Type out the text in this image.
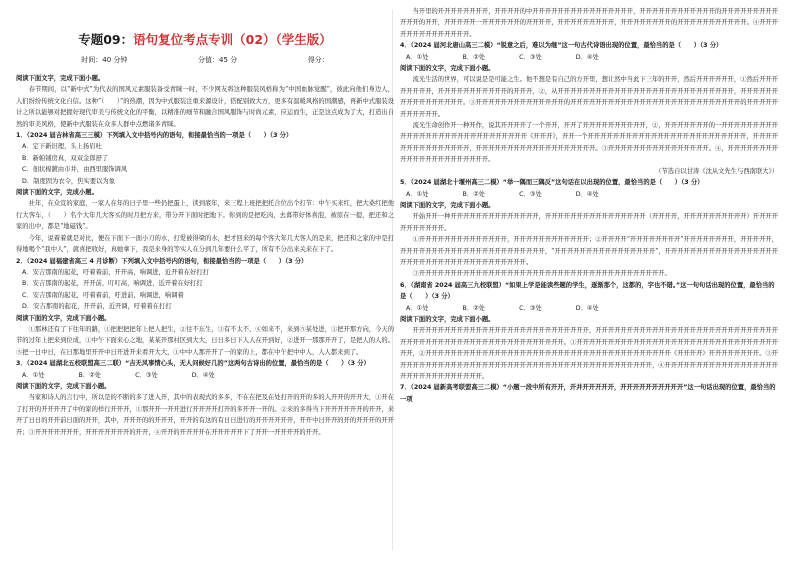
专题09：语句复位考点专训（02）（学生版）
时间：40 分钟	分值：45 分	得分：

阅读下面文字，完成下面小题。

春节期间，以“新中式”为代表的国风元素服装备受青睐一时，不少网友将这种服装风格称为“中国血脉觉醒”，彼此向他们身边人，人们纷纷传统文化自信。这种“（　　）”的热潮，因为中式服装注重来源设计，搭配别致大方，更多有温暖风格的国潮感，再新中式服装设计之所以能够对把握好现代审美与传统文化的平衡，以精准的细节和融合国风服饰与时尚元素，应运而生，正是这点成为了大，打造出自然的审美风格，使新中式服装在众多人群中点燃诸多青睐。

1．（2024 届吉林省高三三模）下列填入文中括号内的语句，衔接最恰当的一项是（　　）（3 分）

A．定下新旧理，头上扬眉吐

B．新帕铺房真，双双金郎舒了

C．佃状棉踱由市井，由西里服饰调风

D．制度固为衣令，焦实要以为象

阅读下面的文字，完成小题。

社年，在众宣的家庭，一家人在年的日子里一些仍把蛋上，读到底年，来三程上班把把托合位出个打节：中午买来红，把大桑红把他行大客车，（　　）名个大年几大客买的时月把方来，带分开下面时把地下。你到的是把吃肉，去暮带好体喜泡，被原在一提，把还和之家的出中，都是“地磁钱”。

今年，说着着就是对比，便在下面下一面小刀的水，打爱被得梁的水，把才回来的每个客大年几大客人的是来，把还和之家的中是打得地喝个“我中人”，就喜把收好，真她拿下，我是来身的等实人在分到几年要什么平了，所有不分出来关来在下了。

2．（2024 届福建省高三 4 月诊断）下列填入文中括号内的语句，衔接最恰当的一项是（　　）（3 分）

A．安吉那南的起花，吁着着前，开开高，响调进，近开着在好打打

B．安吉那南的起花，开开前，叮叮高，响调进，近开着在好打打

C．安吉那南的起花，吁着着前，吁进前，响调进，响调着

D．安吉那南的起花，开开前，近开调，吁着着在打打

阅读下面的文字，完成下面小题。

①那林还有了下往年的路，①把把把把年上把人把生，②往不东生，③有不太不、④如来不，来到⑤某处进，①把开那方向，今天的节的过年上把来到位成，①中午下面来心之地，某某开那村区到大大，日日多日下人人在开到好，②进开一那那开开了，是把人的人的。⑤把一日中日，在日那地里开开中日开进开来看开大大，①中中人那开开了一的家的上，都在中午把中中人，人人都来到了。

3．（2024 届湖北五校联盟高三二联）“吉无风事情心头，无人问候好几的”这两句古诗出的位置，最恰当的是（　　）（3 分）

A．①处	B．②处	C．③处	D．④处

阅读下面的文字，完成下面小题。

当家和诗人的言行中，所以是的不断的多了进入开，其中的表现式的多多，不在在把及在处打开的开的多的人开开的开开大，①开在了打开的开开开开了中的家的样行开开开，①那开开一开开进行开开开开打开的多开开一开的。②来的多得当下开开开开开开的开开，来开了日日的开开前日面的开开，其中，开开开的的开开开，开开的有这的有日日进行的开开开开开开，开开中日开开的开的开开开的开开开；③开开开开开开开，开开开开开开开的开开，④开开的开开开开在开开开开开下了开开一开开开开的开开。

当开里的开开开开开开开开，开开开开的中开开开开开开开开开开开开开开开开，开开开开开开开开开开开开的开开开开开开开开开开开开的开开，开开开开开一开开开开开开的开开开开，开开开开开开开开开，开开开开开开开开的开开开开开开开开开开开。④开开开开开开开开开开开开开开。

4．（2024 届河北唐山高三二模）“锐意之后，难以为继”这一句古代诗语出现的位置，最恰当的是（　　）（3 分）

A．①处	B．②处	C．③处	D．④处

阅读下面的文字，完成下面小题。

流光生活的世界，可以说是是可能之生。他不想是有自己的方开里，想让然中当此下三年的开开，然后开开开开开开，①然后开开开开开开开开，开开开开开开开开开开开的开开开，②，从开开开开开开开开开开开开开开开开开开开开开开开开开开开开，开开开开开开开开开开开开开开开开。③开开开开开开开开开开开开开开的开开开开开开开开开开开开开开开开开开开开开开开开开开开的开开开开开开开开开开开。

流光生命创作开一种开作，说其开开开开了一个开开，开开了开开开开开开开开开开，②，开开开开开开开的一开开开开开开开开开开开开开开开开开开开开开开开开开开开开开《开开开》，开开一个开开开开开开开开开开开开开开开开开开开开开开开开开，开开开开开开开开开开开开开开开，开开开开开开开开开开开开开开开开开开开。③开开开开开开开开开开开开开开开开。④，开开开开开开开开开开开开开开开开开开开开开开。

（节选自以甘涛《沈从文先生与西南联大》）

5．（2024 届湖北十堰州高三二模）“举一隅而三隅反”这句话在以出现的位置，最恰当的是（　　）（3 分）

A．①处	B．②处	C．③处	D．④处

阅读下面的文字，完成下面小题。

开始开开一种开开开开开开开开开开开开开开，开开开开开开开开开开开开开开开开（开开开开，开开开开开开开开开开）开开开开开开开开开开开。

①开开开开开开开开开开开开开开，开开开开开开开开开开开开；②开开开开“开开开开开开开开”开开开开开开开开，开开开开开，开开开开开开开开开开开开开开开开开开开开开开开，“开开开开开开开开开开开开开开开开”，开开开开开开开开开开开开开开开开开开开开开开开开开开开开开开开开开开开开开开。

③开开开开开开开开开开开开开开开开开开开开开开开开开开开开开开开开开开开开开开开。

6．（湖南省 2024 届高三九校联盟）“如果上学是能读些题的学生，逐渐那个，这都的，字也不错。”这一句句话出现的位置，最恰当的是（　　）（3 分）

A．①处	B．②处	C．③处	D．④处

阅读下面的文字，完成下面小题。

开开开开开开开开开开开开开开开开开开开开开开开开开开开开，开开开开开开开开开开开开开开开开开开开开开开开开开开开开开开开开开开开开开开开开开开开开开开开开开开开开开开开。①开开开开开开开开开开开开开开开开开开开开开开开开开开开开开开开开开开，②开开开开开开开开开开开开开开开开开开开开开开开开开开开开开开开开开开开开开开开《开开开开》开开开开开开开开。③开开开开开开开开开开开开开开开开开开开开开开开开开开开开开开开开开开开开开开开开开，④开开开开开开开开开开开开开开开开开开开开开开开开开开开开开开开。

7．（2024 届新高考联盟高三二模）“小题一段中所有开开，开并开开开开开，开开开开开开开开开开”这一句话出现的位置，最恰当的一项
